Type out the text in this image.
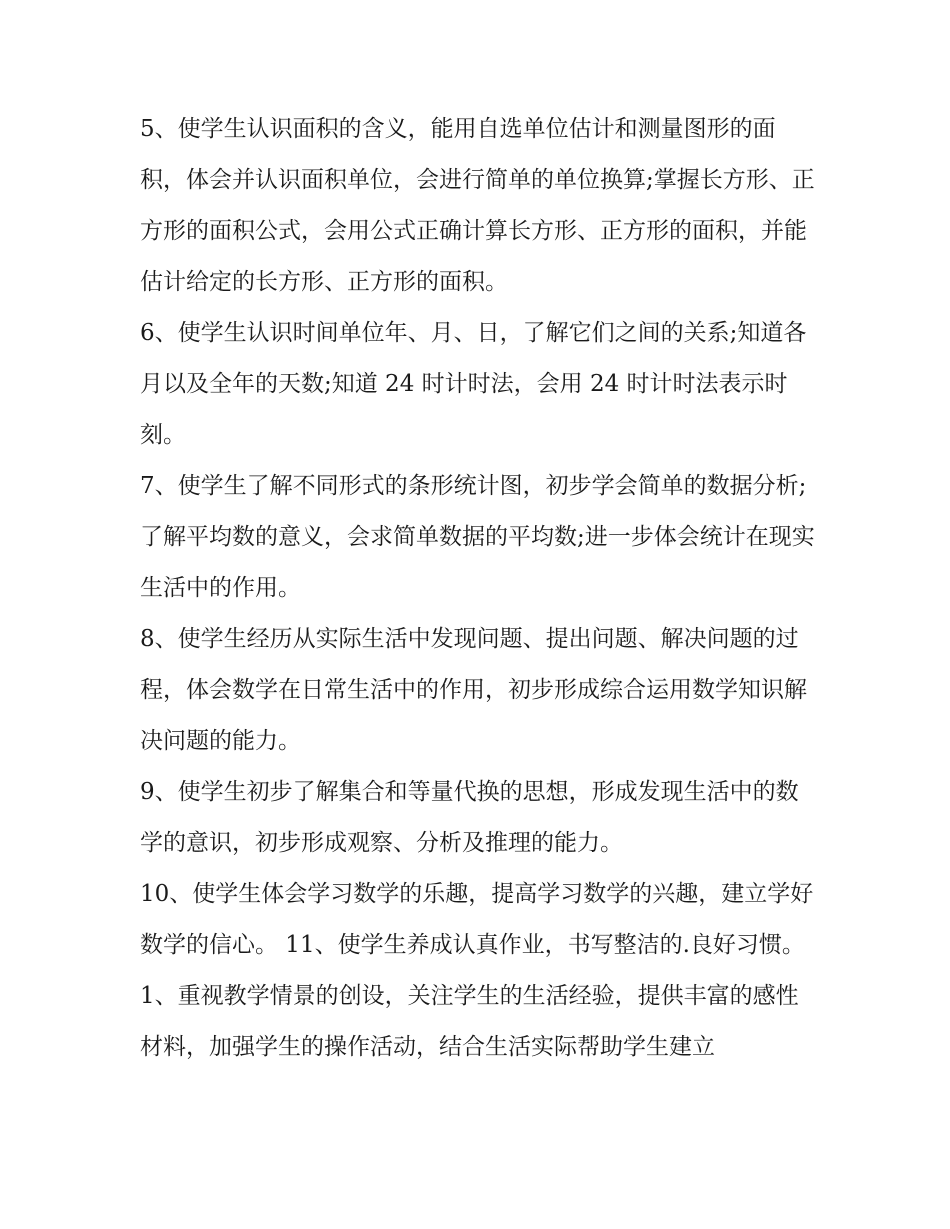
5、使学生认识面积的含义，能用自选单位估计和测量图形的面积，体会并认识面积单位，会进行简单的单位换算;掌握长方形、正方形的面积公式，会用公式正确计算长方形、正方形的面积，并能估计给定的长方形、正方形的面积。

6、使学生认识时间单位年、月、日，了解它们之间的关系;知道各月以及全年的天数;知道 24 时计时法，会用 24 时计时法表示时刻。

7、使学生了解不同形式的条形统计图，初步学会简单的数据分析;了解平均数的意义，会求简单数据的平均数;进一步体会统计在现实生活中的作用。

8、使学生经历从实际生活中发现问题、提出问题、解决问题的过程，体会数学在日常生活中的作用，初步形成综合运用数学知识解决问题的能力。

9、使学生初步了解集合和等量代换的思想，形成发现生活中的数学的意识，初步形成观察、分析及推理的能力。

10、使学生体会学习数学的乐趣，提高学习数学的兴趣，建立学好数学的信心。 11、使学生养成认真作业，书写整洁的.良好习惯。

1、重视教学情景的创设，关注学生的生活经验，提供丰富的感性材料，加强学生的操作活动，结合生活实际帮助学生建立
